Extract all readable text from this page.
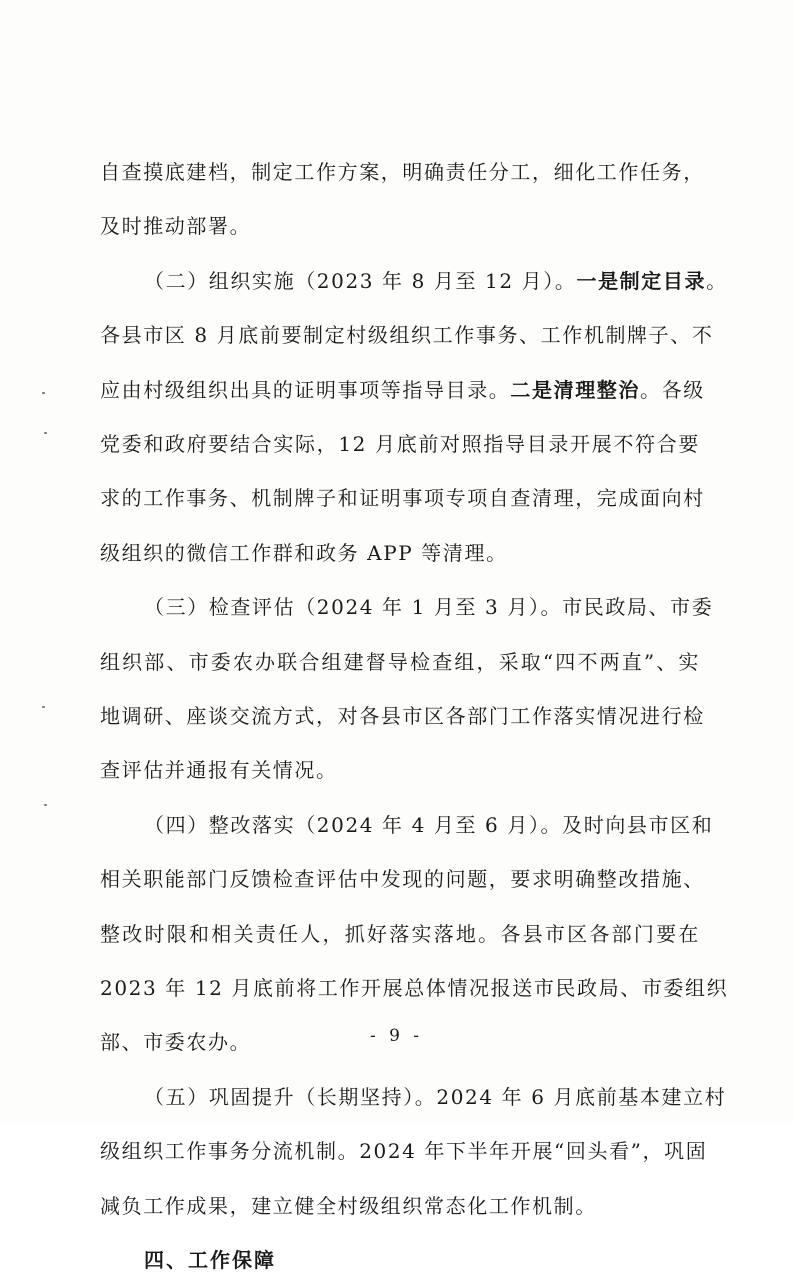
自查摸底建档，制定工作方案，明确责任分工，细化工作任务，
及时推动部署。
（二）组织实施（2023 年 8 月至 12 月）。一是制定目录。
各县市区 8 月底前要制定村级组织工作事务、工作机制牌子、不
应由村级组织出具的证明事项等指导目录。二是清理整治。各级
党委和政府要结合实际，12 月底前对照指导目录开展不符合要
求的工作事务、机制牌子和证明事项专项自查清理，完成面向村
级组织的微信工作群和政务 APP 等清理。
（三）检查评估（2024 年 1 月至 3 月）。市民政局、市委
组织部、市委农办联合组建督导检查组，采取“四不两直”、实
地调研、座谈交流方式，对各县市区各部门工作落实情况进行检
查评估并通报有关情况。
（四）整改落实（2024 年 4 月至 6 月）。及时向县市区和
相关职能部门反馈检查评估中发现的问题，要求明确整改措施、
整改时限和相关责任人，抓好落实落地。各县市区各部门要在
2023 年 12 月底前将工作开展总体情况报送市民政局、市委组织
部、市委农办。
（五）巩固提升（长期坚持）。2024 年 6 月底前基本建立村
级组织工作事务分流机制。2024 年下半年开展“回头看”，巩固
减负工作成果，建立健全村级组织常态化工作机制。
四、工作保障
- 9 -
